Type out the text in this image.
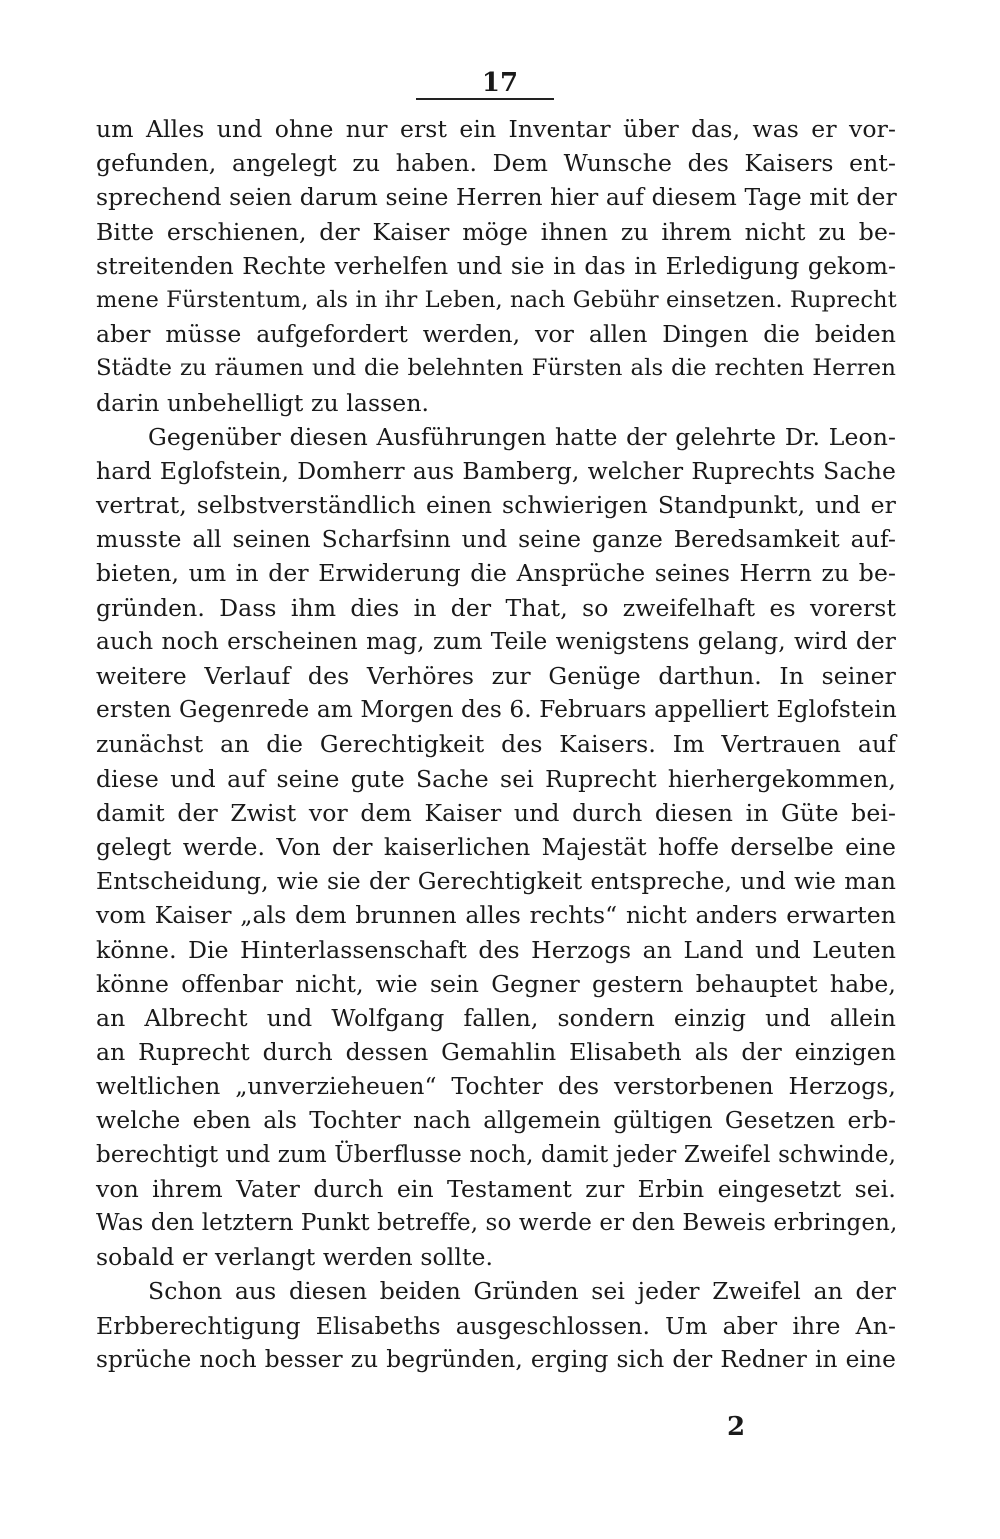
17
um Alles und ohne nur erst ein Inventar über das, was er vor-
gefunden, angelegt zu haben. Dem Wunsche des Kaisers ent-
sprechend seien darum seine Herren hier auf diesem Tage mit der
Bitte erschienen, der Kaiser möge ihnen zu ihrem nicht zu be-
streitenden Rechte verhelfen und sie in das in Erledigung gekom-
mene Fürstentum, als in ihr Leben, nach Gebühr einsetzen. Ruprecht
aber müsse aufgefordert werden, vor allen Dingen die beiden
Städte zu räumen und die belehnten Fürsten als die rechten Herren
darin unbehelligt zu lassen.
Gegenüber diesen Ausführungen hatte der gelehrte Dr. Leon-
hard Eglofstein, Domherr aus Bamberg, welcher Ruprechts Sache
vertrat, selbstverständlich einen schwierigen Standpunkt, und er
musste all seinen Scharfsinn und seine ganze Beredsamkeit auf-
bieten, um in der Erwiderung die Ansprüche seines Herrn zu be-
gründen. Dass ihm dies in der That, so zweifelhaft es vorerst
auch noch erscheinen mag, zum Teile wenigstens gelang, wird der
weitere Verlauf des Verhöres zur Genüge darthun. In seiner
ersten Gegenrede am Morgen des 6. Februars appelliert Eglofstein
zunächst an die Gerechtigkeit des Kaisers. Im Vertrauen auf
diese und auf seine gute Sache sei Ruprecht hierhergekommen,
damit der Zwist vor dem Kaiser und durch diesen in Güte bei-
gelegt werde. Von der kaiserlichen Majestät hoffe derselbe eine
Entscheidung, wie sie der Gerechtigkeit entspreche, und wie man
vom Kaiser „als dem brunnen alles rechts“ nicht anders erwarten
könne. Die Hinterlassenschaft des Herzogs an Land und Leuten
könne offenbar nicht, wie sein Gegner gestern behauptet habe,
an Albrecht und Wolfgang fallen, sondern einzig und allein
an Ruprecht durch dessen Gemahlin Elisabeth als der einzigen
weltlichen „unverzieheuen“ Tochter des verstorbenen Herzogs,
welche eben als Tochter nach allgemein gültigen Gesetzen erb-
berechtigt und zum Überflusse noch, damit jeder Zweifel schwinde,
von ihrem Vater durch ein Testament zur Erbin eingesetzt sei.
Was den letztern Punkt betreffe, so werde er den Beweis erbringen,
sobald er verlangt werden sollte.
Schon aus diesen beiden Gründen sei jeder Zweifel an der
Erbberechtigung Elisabeths ausgeschlossen. Um aber ihre An-
sprüche noch besser zu begründen, erging sich der Redner in eine
2
